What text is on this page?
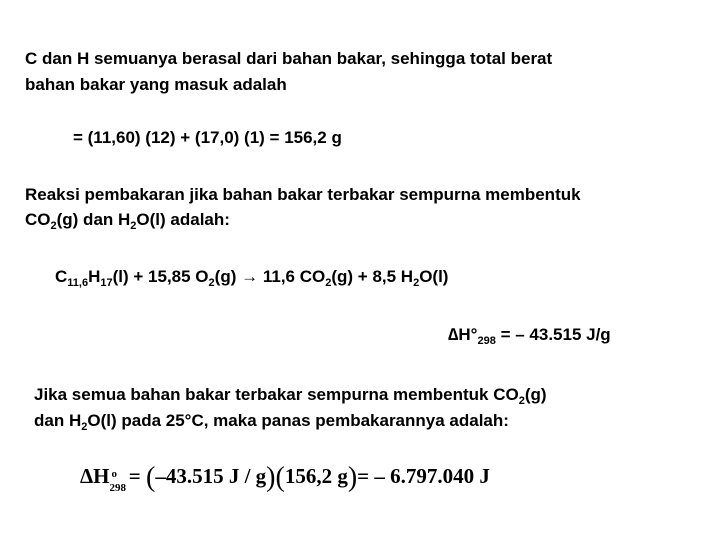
C dan H semuanya berasal dari bahan bakar, sehingga total berat
bahan bakar yang masuk adalah
= (11,60) (12) + (17,0) (1) = 156,2 g
Reaksi pembakaran jika bahan bakar terbakar sempurna membentuk
$CO_2(g)$ dan $H_2O(l)$ adalah:
$C_{11,6}H_{17}(l) + 15,85$ $O_2(g) \to 11,6$ $CO_2(g) + 8,5$ $H_2O(l)$
$\Delta H^\circ_{298}$ = – 43.515 J/g
Jika semua bahan bakar terbakar sempurna membentuk $CO_2(g)$
dan $H_2O(l)$ pada 25°C, maka panas pembakarannya adalah:
ΔH o
298 = (–43.515 J / g)(156,2 g)= – 6.797.040 J
